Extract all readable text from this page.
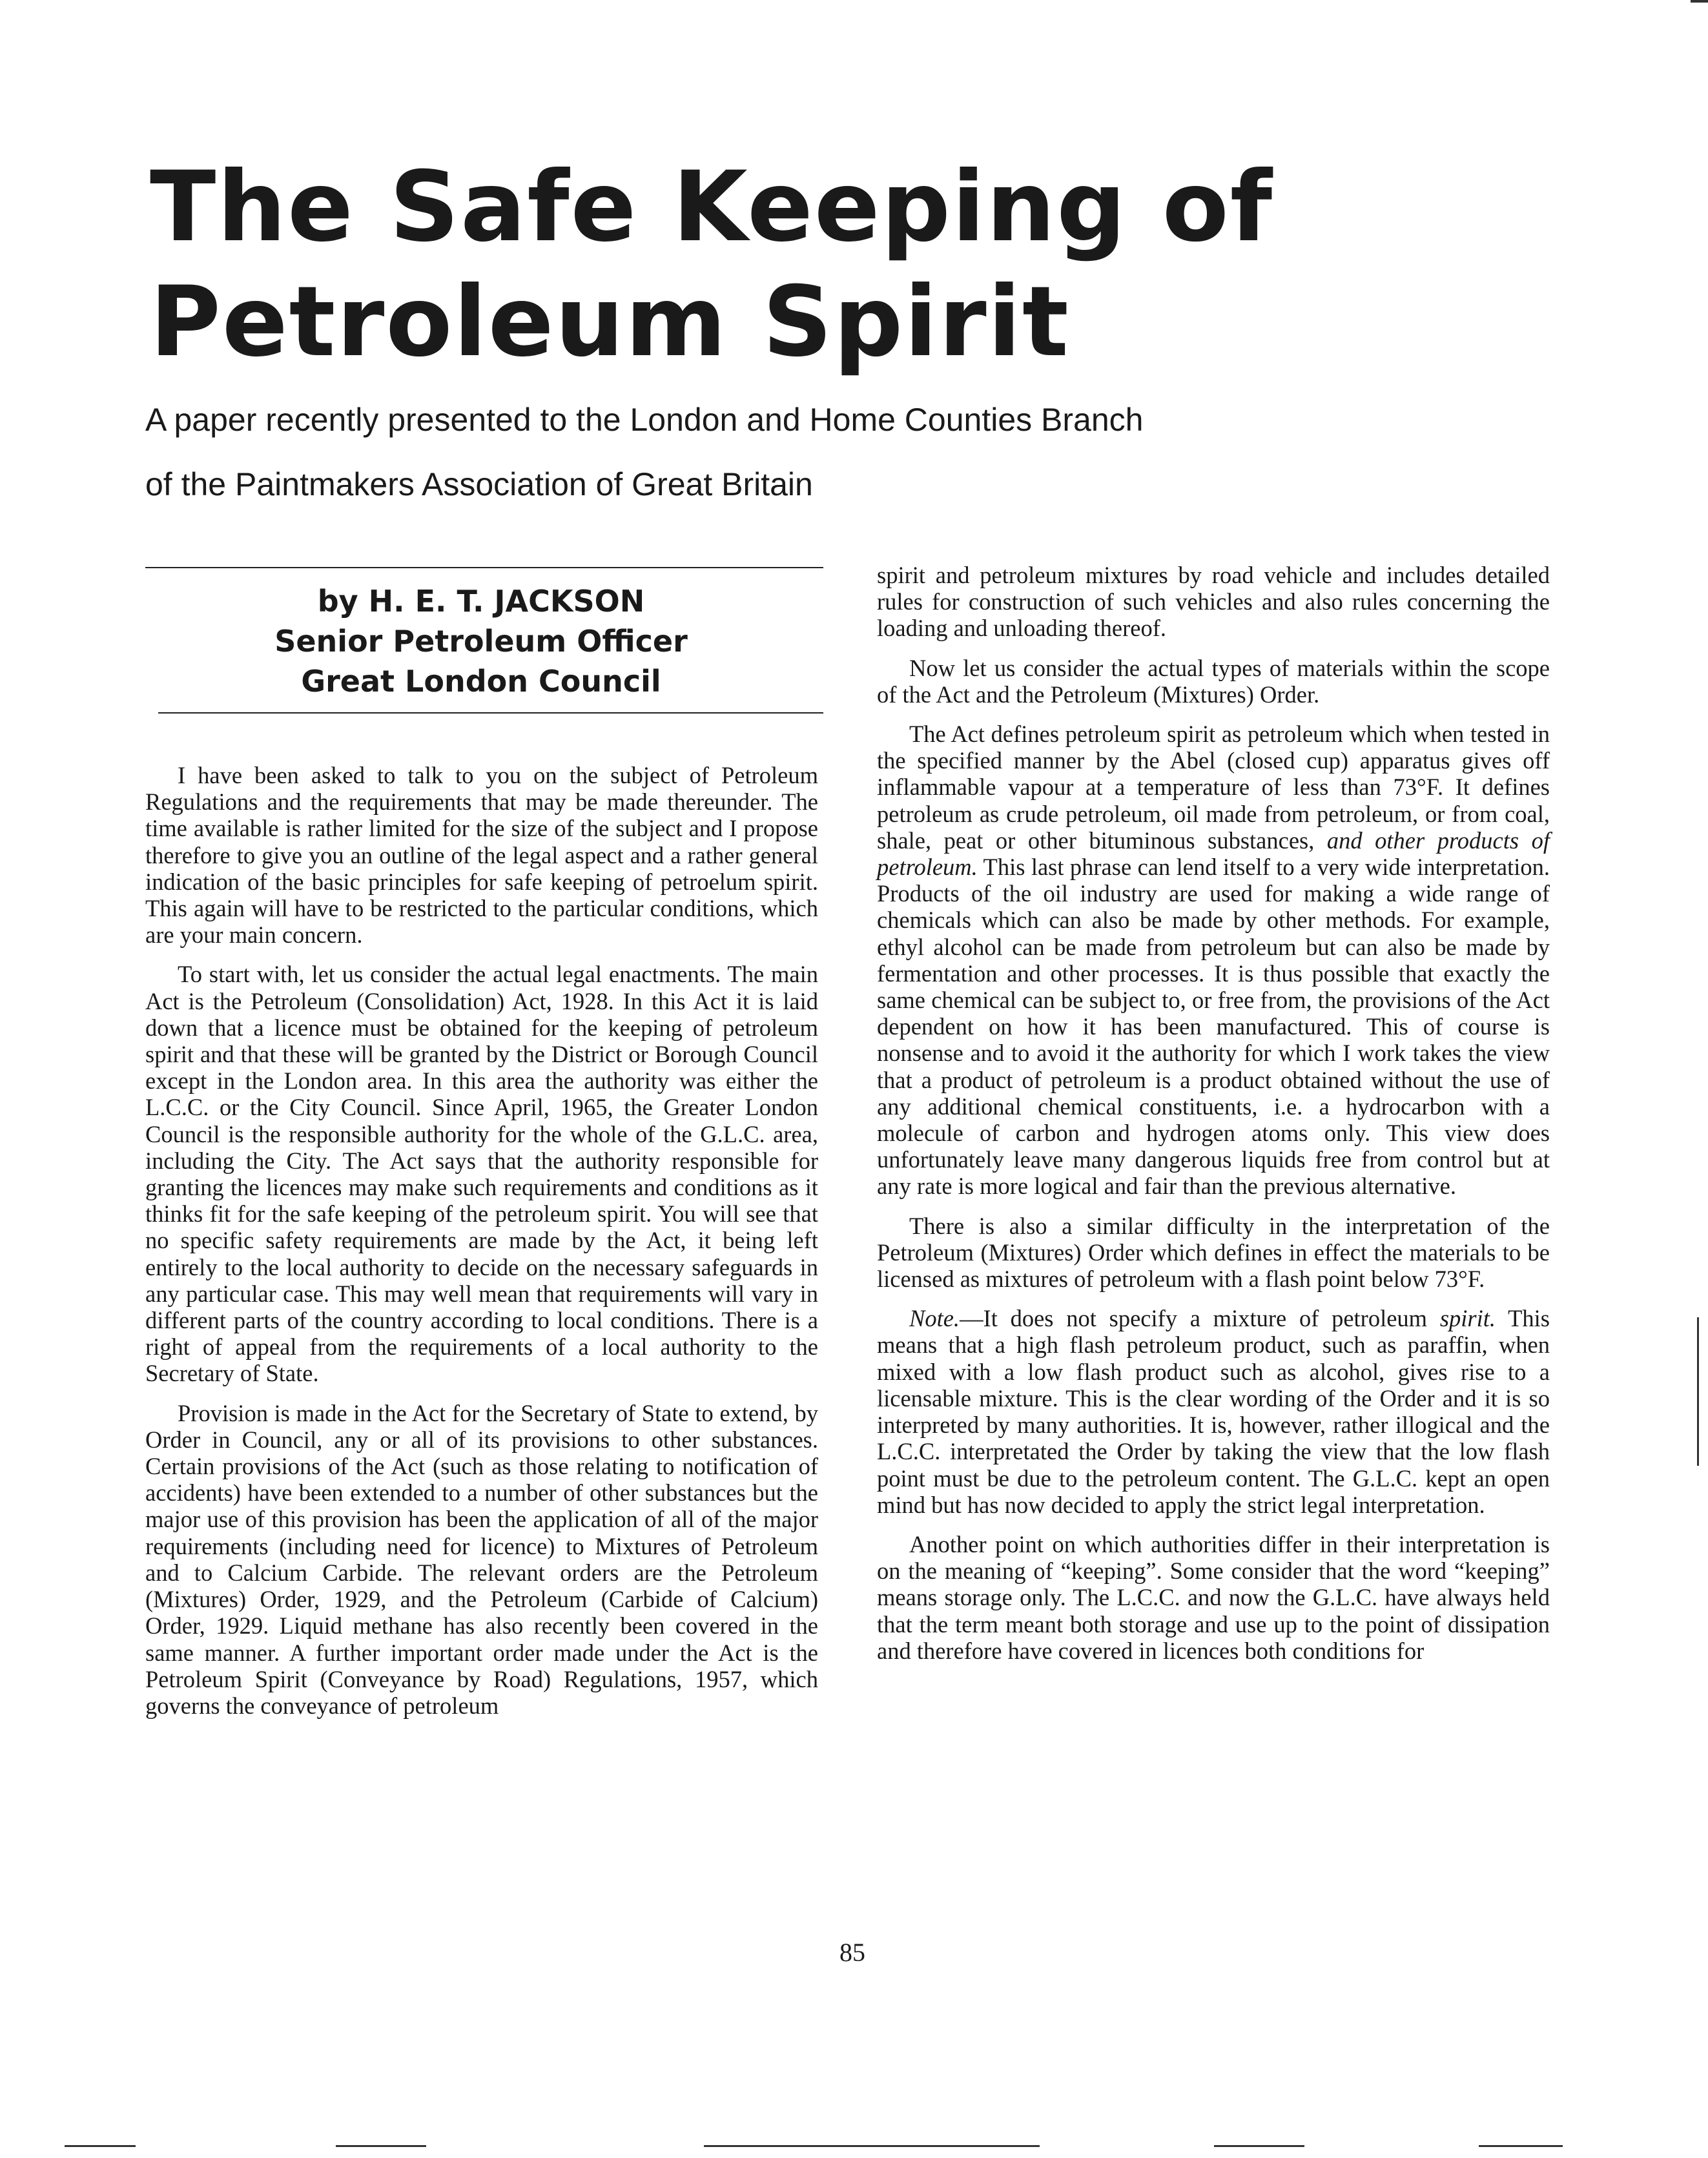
The Safe Keeping of
Petroleum Spirit
A paper recently presented to the London and Home Counties Branch
of the Paintmakers Association of Great Britain
by H. E. T. JACKSON
Senior Petroleum Officer
Great London Council

I have been asked to talk to you on the subject of Petroleum Regulations and the requirements that may be made thereunder. The time available is rather limited for the size of the subject and I propose therefore to give you an outline of the legal aspect and a rather general indication of the basic principles for safe keeping of petroelum spirit. This again will have to be restricted to the particular conditions, which are your main concern.

To start with, let us consider the actual legal enactments. The main Act is the Petroleum (Consolidation) Act, 1928. In this Act it is laid down that a licence must be obtained for the keeping of petroleum spirit and that these will be granted by the District or Borough Council except in the London area. In this area the authority was either the L.C.C. or the City Council. Since April, 1965, the Greater London Council is the responsible authority for the whole of the G.L.C. area, including the City. The Act says that the authority responsible for granting the licences may make such requirements and conditions as it thinks fit for the safe keeping of the petroleum spirit. You will see that no specific safety requirements are made by the Act, it being left entirely to the local authority to decide on the necessary safeguards in any particular case. This may well mean that requirements will vary in different parts of the country according to local conditions. There is a right of appeal from the requirements of a local authority to the Secretary of State.

Provision is made in the Act for the Secretary of State to extend, by Order in Council, any or all of its provisions to other substances. Certain provisions of the Act (such as those relating to notification of accidents) have been extended to a number of other substances but the major use of this provision has been the application of all of the major requirements (including need for licence) to Mixtures of Petroleum and to Calcium Carbide. The relevant orders are the Petroleum (Mixtures) Order, 1929, and the Petroleum (Carbide of Calcium) Order, 1929. Liquid methane has also recently been covered in the same manner. A further important order made under the Act is the Petroleum Spirit (Conveyance by Road) Regulations, 1957, which governs the conveyance of petroleum

spirit and petroleum mixtures by road vehicle and includes detailed rules for construction of such vehicles and also rules concerning the loading and unloading thereof.

Now let us consider the actual types of materials within the scope of the Act and the Petroleum (Mixtures) Order.

The Act defines petroleum spirit as petroleum which when tested in the specified manner by the Abel (closed cup) apparatus gives off inflammable vapour at a temperature of less than 73°F. It defines petroleum as crude petroleum, oil made from petroleum, or from coal, shale, peat or other bituminous substances, and other products of petroleum. This last phrase can lend itself to a very wide interpretation. Products of the oil industry are used for making a wide range of chemicals which can also be made by other methods. For example, ethyl alcohol can be made from petroleum but can also be made by fermentation and other processes. It is thus possible that exactly the same chemical can be subject to, or free from, the provisions of the Act dependent on how it has been manufactured. This of course is nonsense and to avoid it the authority for which I work takes the view that a product of petroleum is a product obtained without the use of any additional chemical constituents, i.e. a hydrocarbon with a molecule of carbon and hydrogen atoms only. This view does unfortunately leave many dangerous liquids free from control but at any rate is more logical and fair than the previous alternative.

There is also a similar difficulty in the interpretation of the Petroleum (Mixtures) Order which defines in effect the materials to be licensed as mixtures of petroleum with a flash point below 73°F.

Note.—It does not specify a mixture of petroleum spirit. This means that a high flash petroleum product, such as paraffin, when mixed with a low flash product such as alcohol, gives rise to a licensable mixture. This is the clear wording of the Order and it is so interpreted by many authorities. It is, however, rather illogical and the L.C.C. interpretated the Order by taking the view that the low flash point must be due to the petroleum content. The G.L.C. kept an open mind but has now decided to apply the strict legal interpretation.

Another point on which authorities differ in their interpretation is on the meaning of “keeping”. Some consider that the word “keeping” means storage only. The L.C.C. and now the G.L.C. have always held that the term meant both storage and use up to the point of dissipation and therefore have covered in licences both conditions for

85
